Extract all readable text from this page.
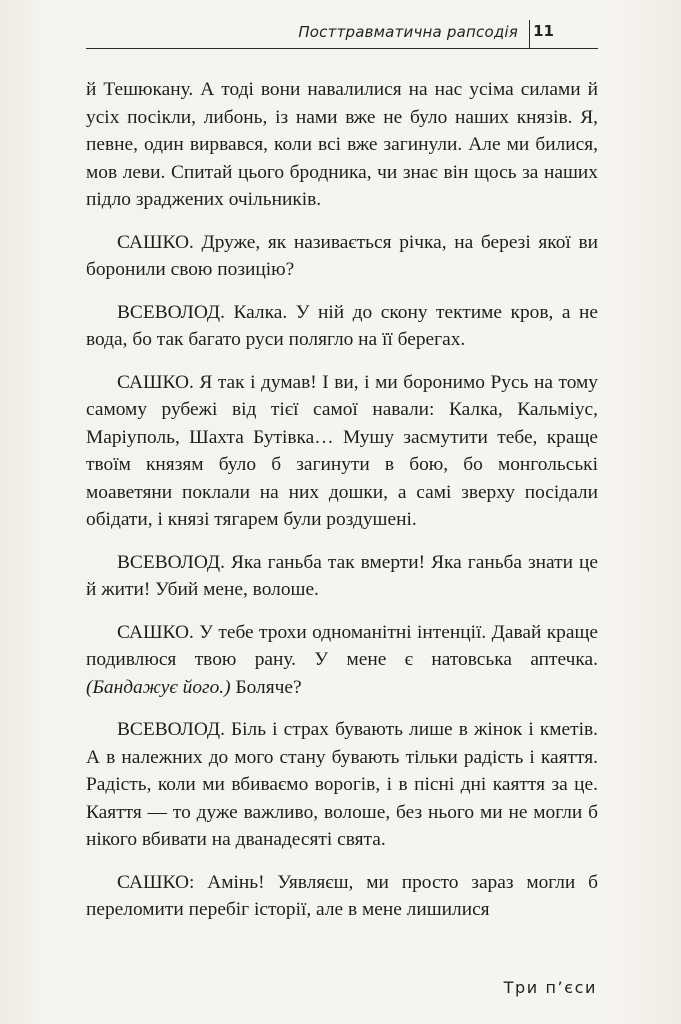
Посттравматична рапсодія 11

й Тешюкану. А тоді вони навалилися на нас усіма силами й усіх посікли, либонь, із нами вже не було наших князів. Я, певне, один вирвався, коли всі вже загинули. Але ми билися, мов леви. Спитай цього бродника, чи знає він щось за наших підло зраджених очільників.

САШКО. Друже, як називається річка, на березі якої ви боронили свою позицію?

ВСЕВОЛОД. Калка. У ній до скону тектиме кров, а не вода, бо так багато руси полягло на її берегах.

САШКО. Я так і думав! І ви, і ми боронимо Русь на тому самому рубежі від тієї самої навали: Калка, Кальміус, Маріуполь, Шахта Бутівка… Мушу засмутити тебе, краще твоїм князям було б загинути в бою, бо монгольські моаветяни поклали на них дошки, а самі зверху посідали обідати, і князі тягарем були роздушені.

ВСЕВОЛОД. Яка ганьба так вмерти! Яка ганьба знати це й жити! Убий мене, волоше.

САШКО. У тебе трохи одноманітні інтенції. Давай краще подивлюся твою рану. У мене є натовська аптечка. (Бандажує його.) Боляче?

ВСЕВОЛОД. Біль і страх бувають лише в жінок і кметів. А в належних до мого стану бувають тільки радість і каяття. Радість, коли ми вбиваємо ворогів, і в пісні дні каяття за це. Каяття — то дуже важливо, волоше, без нього ми не могли б нікого вбивати на дванадесяті свята.

САШКО: Амінь! Уявляєш, ми просто зараз могли б переломити перебіг історії, але в мене лишилися

Три п’єси
